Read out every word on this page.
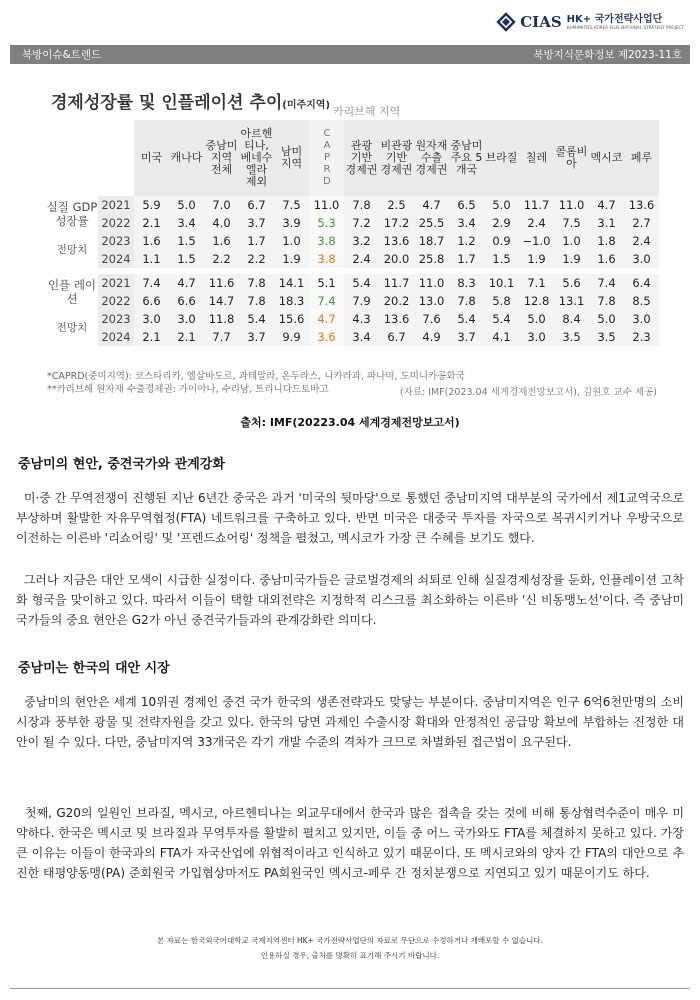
CIAS HK+ 국가전략사업단
HUMANITIES KOREA PLUS NATIONAL STRATEGY PROJECT
북방이슈&트렌드	북방지식문화정보 제2023-11호
경제성장률 및 인플레이션 추이(미주지역) 카리브해 지역
		미국	캐나다	중남미 지역 전체	아르헨티나, 베네수엘라 제외	남미 지역	CAPRD	관광 기반 경제권	비관광 기반 경제권	원자재 수출 경제권	중남미 주요 5개국	브라질	칠레	콜롬비아	멕시코	페루
실질 GDP 성장률	2021	5.9	5.0	7.0	6.7	7.5	11.0	7.8	2.5	4.7	6.5	5.0	11.7	11.0	4.7	13.6
	2022	2.1	3.4	4.0	3.7	3.9	5.3	7.2	17.2	25.5	3.4	2.9	2.4	7.5	3.1	2.7
전망치	2023	1.6	1.5	1.6	1.7	1.0	3.8	3.2	13.6	18.7	1.2	0.9	−1.0	1.0	1.8	2.4
	2024	1.1	1.5	2.2	2.2	1.9	3.8	2.4	20.0	25.8	1.7	1.5	1.9	1.9	1.6	3.0
인플 레이션	2021	7.4	4.7	11.6	7.8	14.1	5.1	5.4	11.7	11.0	8.3	10.1	7.1	5.6	7.4	6.4
	2022	6.6	6.6	14.7	7.8	18.3	7.4	7.9	20.2	13.0	7.8	5.8	12.8	13.1	7.8	8.5
전망치	2023	3.0	3.0	11.8	5.4	15.6	4.7	4.3	13.6	7.6	5.4	5.4	5.0	8.4	5.0	3.0
	2024	2.1	2.1	7.7	3.7	9.9	3.6	3.4	6.7	4.9	3.7	4.1	3.0	3.5	3.5	2.3
*CAPRD(중미지역): 코스타리카, 엘살바도르, 과테말라, 온두라스, 니카라과, 파나마, 도미니카공화국
**카리브해 원자재 수출경제권: 가이아나, 수리남, 트리니다드토바고	(자료: IMF(2023.04 세계경제전망보고서), 김원호 교수 제공)
출처: IMF(20223.04 세계경제전망보고서)
중남미의 현안, 중견국가와 관계강화
미·중 간 무역전쟁이 진행된 지난 6년간 중국은 과거 '미국의 뒷마당'으로 통했던 중남미지역 대부분의 국가에서 제1교역국으로 부상하며 활발한 자유무역협정(FTA) 네트워크를 구축하고 있다. 반면 미국은 대중국 투자를 자국으로 복귀시키거나 우방국으로 이전하는 이른바 '리쇼어링' 및 '프렌드쇼어링' 정책을 펼쳤고, 멕시코가 가장 큰 수혜를 보기도 했다.
그러나 지금은 대안 모색이 시급한 실정이다. 중남미국가들은 글로벌경제의 쇠퇴로 인해 실질경제성장률 둔화, 인플레이션 고착화 형국을 맞이하고 있다. 따라서 이들이 택할 대외전략은 지정학적 리스크를 최소화하는 이른바 '신 비동맹노선'이다. 즉 중남미 국가들의 중요 현안은 G2가 아닌 중견국가들과의 관계강화란 의미다.
중남미는 한국의 대안 시장
중남미의 현안은 세계 10위권 경제인 중견 국가 한국의 생존전략과도 맞닿는 부분이다. 중남미지역은 인구 6억6천만명의 소비시장과 풍부한 광물 및 전략자원을 갖고 있다. 한국의 당면 과제인 수출시장 확대와 안정적인 공급망 확보에 부합하는 진정한 대안이 될 수 있다. 다만, 중남미지역 33개국은 각기 개발 수준의 격차가 크므로 차별화된 접근법이 요구된다.
첫째, G20의 일원인 브라질, 멕시코, 아르헨티나는 외교무대에서 한국과 많은 접촉을 갖는 것에 비해 통상협력수준이 매우 미약하다. 한국은 멕시코 및 브라질과 무역투자를 활발히 펼치고 있지만, 이들 중 어느 국가와도 FTA를 체결하지 못하고 있다. 가장 큰 이유는 이들이 한국과의 FTA가 자국산업에 위협적이라고 인식하고 있기 때문이다. 또 멕시코와의 양자 간 FTA의 대안으로 추진한 태평양동맹(PA) 준회원국 가입협상마저도 PA회원국인 멕시코-페루 간 정치분쟁으로 지연되고 있기 때문이기도 하다.
본 자료는 한국외국어대학교 국제지역센터 HK+ 국가전략사업단의 자료로 무단으로 수정하거나 재배포할 수 없습니다.
인용하실 경우, 출처를 명확히 표기해 주시기 바랍니다.
